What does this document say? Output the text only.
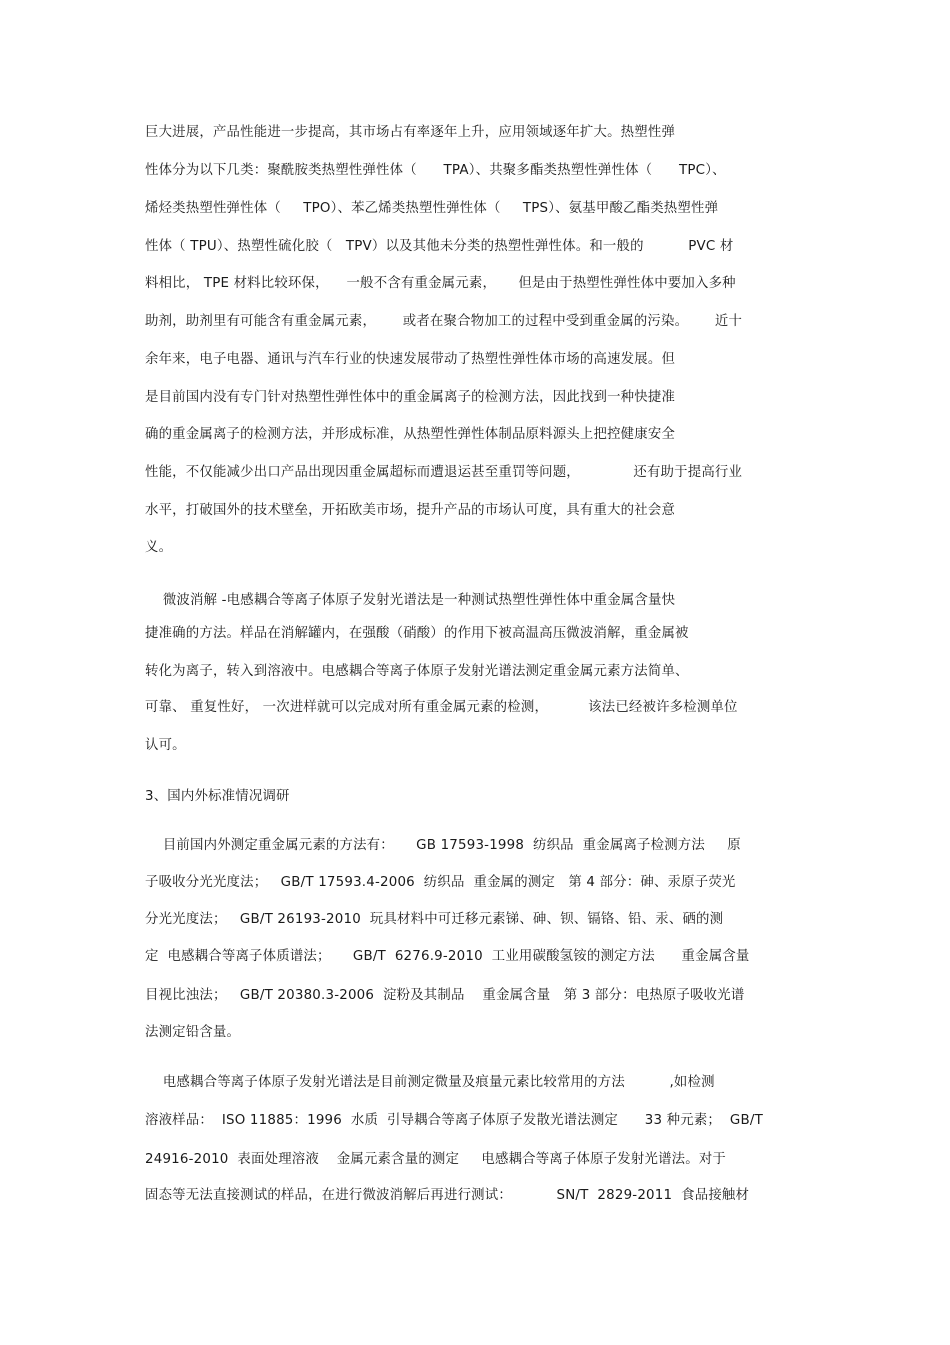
巨大进展，产品性能进一步提高，其市场占有率逐年上升，应用领域逐年扩大。热塑性弹
性体分为以下几类：聚酰胺类热塑性弹性体（      TPA）、共聚多酯类热塑性弹性体（      TPC）、
烯烃类热塑性弹性体（     TPO）、苯乙烯类热塑性弹性体（     TPS）、氨基甲酸乙酯类热塑性弹
性体（ TPU）、热塑性硫化胶（   TPV）以及其他未分类的热塑性弹性体。和一般的          PVC 材
料相比， TPE 材料比较环保，    一般不含有重金属元素，     但是由于热塑性弹性体中要加入多种
助剂，助剂里有可能含有重金属元素，      或者在聚合物加工的过程中受到重金属的污染。      近十
余年来，电子电器、通讯与汽车行业的快速发展带动了热塑性弹性体市场的高速发展。但
是目前国内没有专门针对热塑性弹性体中的重金属离子的检测方法，因此找到一种快捷准
确的重金属离子的检测方法，并形成标准，从热塑性弹性体制品原料源头上把控健康安全
性能，不仅能减少出口产品出现因重金属超标而遭退运甚至重罚等问题，            还有助于提高行业
水平，打破国外的技术壁垒，开拓欧美市场，提升产品的市场认可度，具有重大的社会意
义。
微波消解 -电感耦合等离子体原子发射光谱法是一种测试热塑性弹性体中重金属含量快
捷准确的方法。样品在消解罐内，在强酸（硝酸）的作用下被高温高压微波消解，重金属被
转化为离子，转入到溶液中。电感耦合等离子体原子发射光谱法测定重金属元素方法简单、
可靠、 重复性好， 一次进样就可以完成对所有重金属元素的检测，         该法已经被许多检测单位
认可。
3、国内外标准情况调研
目前国内外测定重金属元素的方法有：     GB 17593-1998  纺织品  重金属离子检测方法     原
子吸收分光光度法；   GB/T 17593.4-2006  纺织品  重金属的测定   第 4 部分：砷、汞原子荧光
分光光度法；   GB/T 26193-2010  玩具材料中可迁移元素锑、砷、钡、镉铬、铅、汞、硒的测
定  电感耦合等离子体质谱法；     GB/T  6276.9-2010  工业用碳酸氢铵的测定方法      重金属含量
目视比浊法；   GB/T 20380.3-2006  淀粉及其制品    重金属含量   第 3 部分：电热原子吸收光谱
法测定铅含量。
电感耦合等离子体原子发射光谱法是目前测定微量及痕量元素比较常用的方法          ,如检测
溶液样品：  ISO 11885：1996  水质  引导耦合等离子体原子发散光谱法测定      33 种元素；  GB/T
24916-2010  表面处理溶液    金属元素含量的测定     电感耦合等离子体原子发射光谱法。对于
固态等无法直接测试的样品，在进行微波消解后再进行测试：          SN/T  2829-2011  食品接触材
